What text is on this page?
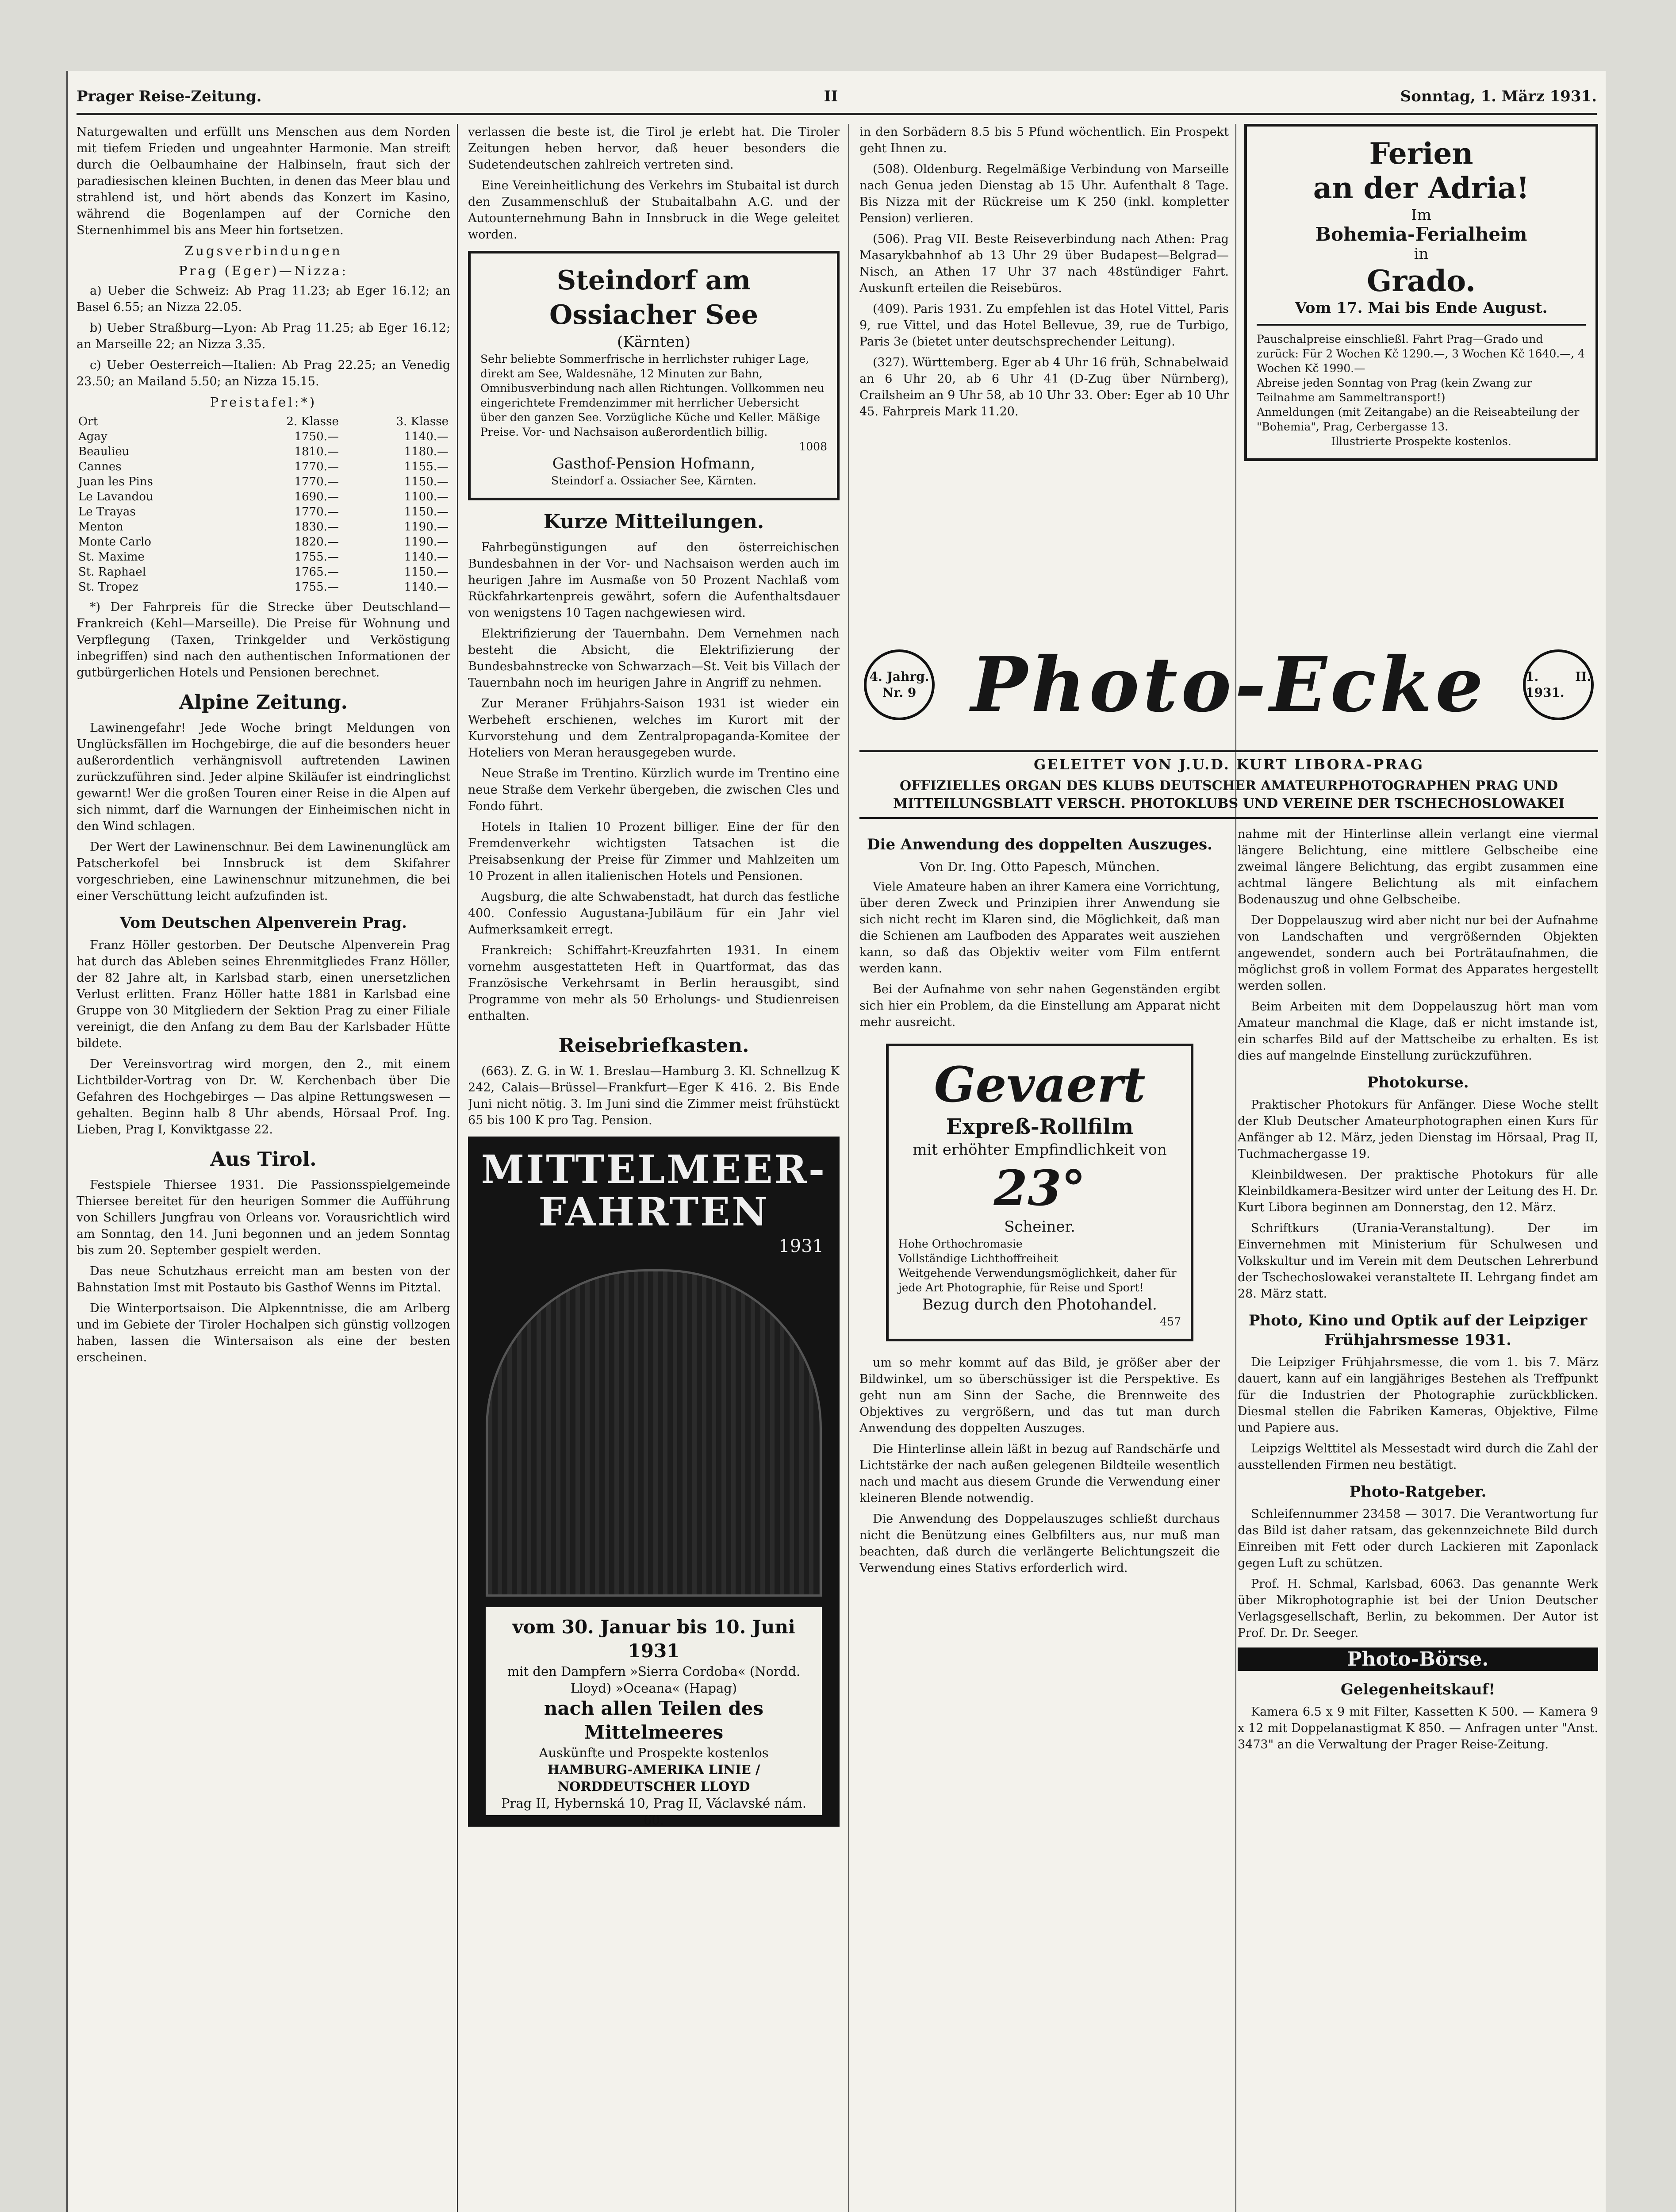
Prager Reise-Zeitung.	II	Sonntag, 1. März 1931.

Naturgewalten und erfüllt uns Menschen aus dem Norden mit tiefem Frieden und ungeahnter Harmonie. Man streift durch die Oelbaumhaine der Halbinseln, fraut sich der paradiesischen kleinen Buchten, in denen das Meer blau und strahlend ist, und hört abends das Konzert im Kasino, während die Bogenlampen auf der Corniche den Sternenhimmel bis ans Meer hin fortsetzen.

Zugsverbindungen
Prag (Eger)—Nizza:

a) Ueber die Schweiz: Ab Prag 11.23; ab Eger 16.12; an Basel 6.55; an Nizza 22.05.

b) Ueber Straßburg—Lyon: Ab Prag 11.25; ab Eger 16.12; an Marseille 22; an Nizza 3.35.

c) Ueber Oesterreich—Italien: Ab Prag 22.25; an Venedig 23.50; an Mailand 5.50; an Nizza 15.15.

Preistafel:*)
Ort	2. Klasse	3. Klasse
Agay	1750.—	1140.—
Beaulieu	1810.—	1180.—
Cannes	1770.—	1155.—
Juan les Pins	1770.—	1150.—
Le Lavandou	1690.—	1100.—
Le Trayas	1770.—	1150.—
Menton	1830.—	1190.—
Monte Carlo	1820.—	1190.—
St. Maxime	1755.—	1140.—
St. Raphael	1765.—	1150.—
St. Tropez	1755.—	1140.—

*) Der Fahrpreis für die Strecke über Deutschland—Frankreich (Kehl—Marseille). Die Preise für Wohnung und Verpflegung (Taxen, Trinkgelder und Verköstigung inbegriffen) sind nach den authentischen Informationen der gutbürgerlichen Hotels und Pensionen berechnet.

Alpine Zeitung.

Lawinengefahr! Jede Woche bringt Meldungen von Unglücksfällen im Hochgebirge, die auf die besonders heuer außerordentlich verhängnisvoll auftretenden Lawinen zurückzuführen sind. Jeder alpine Skiläufer ist eindringlichst gewarnt! Wer die großen Touren einer Reise in die Alpen auf sich nimmt, darf die Warnungen der Einheimischen nicht in den Wind schlagen.

Der Wert der Lawinenschnur. Bei dem Lawinenunglück am Patscherkofel bei Innsbruck ist dem Skifahrer vorgeschrieben, eine Lawinenschnur mitzunehmen, die bei einer Verschüttung leicht aufzufinden ist.

Vom Deutschen Alpenverein Prag.

Franz Höller gestorben. Der Deutsche Alpenverein Prag hat durch das Ableben seines Ehrenmitgliedes Franz Höller, der 82 Jahre alt, in Karlsbad starb, einen unersetzlichen Verlust erlitten. Franz Höller hatte 1881 in Karlsbad eine Gruppe von 30 Mitgliedern der Sektion Prag zu einer Filiale vereinigt, die den Anfang zu dem Bau der Karlsbader Hütte bildete.

Der Vereinsvortrag wird morgen, den 2., mit einem Lichtbilder-Vortrag von Dr. W. Kerchenbach über Die Gefahren des Hochgebirges — Das alpine Rettungswesen — gehalten. Beginn halb 8 Uhr abends, Hörsaal Prof. Ing. Lieben, Prag I, Konviktgasse 22.

Aus Tirol.

Festspiele Thiersee 1931. Die Passionsspielgemeinde Thiersee bereitet für den heurigen Sommer die Aufführung von Schillers Jungfrau von Orleans vor. Vorausrichtlich wird am Sonntag, den 14. Juni begonnen und an jedem Sonntag bis zum 20. September gespielt werden.

Das neue Schutzhaus erreicht man am besten von der Bahnstation Imst mit Postauto bis Gasthof Wenns im Pitztal.

Die Winterportsaison. Die Alpkenntnisse, die am Arlberg und im Gebiete der Tiroler Hochalpen sich günstig vollzogen haben, lassen die Wintersaison als eine der besten erscheinen.

verlassen die beste ist, die Tirol je erlebt hat. Die Tiroler Zeitungen heben hervor, daß heuer besonders die Sudetendeutschen zahlreich vertreten sind.

Eine Vereinheitlichung des Verkehrs im Stubaital ist durch den Zusammenschluß der Stubaitalbahn A.G. und der Autounternehmung Bahn in Innsbruck in die Wege geleitet worden.

Steindorf am Ossiacher See
(Kärnten)
Sehr beliebte Sommerfrische in herrlichster ruhiger Lage, direkt am See, Waldesnähe, 12 Minuten zur Bahn, Omnibusverbindung nach allen Richtungen. Vollkommen neu eingerichtete Fremdenzimmer mit herrlicher Uebersicht über den ganzen See. Vorzügliche Küche und Keller. Mäßige Preise. Vor- und Nachsaison außerordentlich billig.
1008
Gasthof-Pension Hofmann,
Steindorf a. Ossiacher See, Kärnten.
Kurze Mitteilungen.

Fahrbegünstigungen auf den österreichischen Bundesbahnen in der Vor- und Nachsaison werden auch im heurigen Jahre im Ausmaße von 50 Prozent Nachlaß vom Rückfahrkartenpreis gewährt, sofern die Aufenthaltsdauer von wenigstens 10 Tagen nachgewiesen wird.

Elektrifizierung der Tauernbahn. Dem Vernehmen nach besteht die Absicht, die Elektrifizierung der Bundesbahnstrecke von Schwarzach—St. Veit bis Villach der Tauernbahn noch im heurigen Jahre in Angriff zu nehmen.

Zur Meraner Frühjahrs-Saison 1931 ist wieder ein Werbeheft erschienen, welches im Kurort mit der Kurvorstehung und dem Zentralpropaganda-Komitee der Hoteliers von Meran herausgegeben wurde.

Neue Straße im Trentino. Kürzlich wurde im Trentino eine neue Straße dem Verkehr übergeben, die zwischen Cles und Fondo führt.

Hotels in Italien 10 Prozent billiger. Eine der für den Fremdenverkehr wichtigsten Tatsachen ist die Preisabsenkung der Preise für Zimmer und Mahlzeiten um 10 Prozent in allen italienischen Hotels und Pensionen.

Augsburg, die alte Schwabenstadt, hat durch das festliche 400. Confessio Augustana-Jubiläum für ein Jahr viel Aufmerksamkeit erregt.

Frankreich: Schiffahrt-Kreuzfahrten 1931. In einem vornehm ausgestatteten Heft in Quartformat, das das Französische Verkehrsamt in Berlin herausgibt, sind Programme von mehr als 50 Erholungs- und Studienreisen enthalten.

Reisebriefkasten.

(663). Z. G. in W. 1. Breslau—Hamburg 3. Kl. Schnellzug K 242, Calais—Brüssel—Frankfurt—Eger K 416. 2. Bis Ende Juni nicht nötig. 3. Im Juni sind die Zimmer meist frühstückt 65 bis 100 K pro Tag. Pension.

MITTELMEER-FAHRTEN
1931
vom 30. Januar bis 10. Juni 1931
mit den Dampfern »Sierra Cordoba« (Nordd. Lloyd) »Oceana« (Hapag)
nach allen Teilen des Mittelmeeres
Auskünfte und Prospekte kostenlos
HAMBURG-AMERIKA LINIE / NORDDEUTSCHER LLOYD
Prag II, Hybernská 10, Prag II, Václavské nám. 60.

in den Sorbädern 8.5 bis 5 Pfund wöchentlich. Ein Prospekt geht Ihnen zu.

(508). Oldenburg. Regelmäßige Verbindung von Marseille nach Genua jeden Dienstag ab 15 Uhr. Aufenthalt 8 Tage. Bis Nizza mit der Rückreise um K 250 (inkl. kompletter Pension) verlieren.

(506). Prag VII. Beste Reiseverbindung nach Athen: Prag Masarykbahnhof ab 13 Uhr 29 über Budapest—Belgrad—Nisch, an Athen 17 Uhr 37 nach 48stündiger Fahrt. Auskunft erteilen die Reisebüros.

(409). Paris 1931. Zu empfehlen ist das Hotel Vittel, Paris 9, rue Vittel, und das Hotel Bellevue, 39, rue de Turbigo, Paris 3e (bietet unter deutschsprechender Leitung).

(327). Württemberg. Eger ab 4 Uhr 16 früh, Schnabelwaid an 6 Uhr 20, ab 6 Uhr 41 (D-Zug über Nürnberg), Crailsheim an 9 Uhr 58, ab 10 Uhr 33. Ober: Eger ab 10 Uhr 45. Fahrpreis Mark 11.20.

Ferien
an der Adria!
Im
Bohemia-Ferialheim
in
Grado.
Vom 17. Mai bis Ende August.
Pauschalpreise einschließl. Fahrt Prag—Grado und zurück: Für 2 Wochen Kč 1290.—, 3 Wochen Kč 1640.—, 4 Wochen Kč 1990.—
Abreise jeden Sonntag von Prag (kein Zwang zur Teilnahme am Sammeltransport!)
Anmeldungen (mit Zeitangabe) an die Reiseabteilung der "Bohemia", Prag, Cerbergasse 13.
Illustrierte Prospekte kostenlos.
4. Jahrg.
Nr. 9 Photo-Ecke	1. II. 1931.
GELEITET VON J.U.D. KURT LIBORA-PRAG
OFFIZIELLES ORGAN DES KLUBS DEUTSCHER AMATEURPHOTOGRAPHEN PRAG UND MITTEILUNGSBLATT VERSCH. PHOTOKLUBS UND VEREINE DER TSCHECHOSLOWAKEI
Die Anwendung des doppelten Auszuges.
Von Dr. Ing. Otto Papesch, München.

Viele Amateure haben an ihrer Kamera eine Vorrichtung, über deren Zweck und Prinzipien ihrer Anwendung sie sich nicht recht im Klaren sind, die Möglichkeit, daß man die Schienen am Laufboden des Apparates weit ausziehen kann, so daß das Objektiv weiter vom Film entfernt werden kann.

Bei der Aufnahme von sehr nahen Gegenständen ergibt sich hier ein Problem, da die Einstellung am Apparat nicht mehr ausreicht.

Gevaert
Expreß-Rollfilm
mit erhöhter Empfindlichkeit von
23°
Scheiner.
Hohe Orthochromasie
Vollständige Lichthoffreiheit
Weitgehende Verwendungsmöglichkeit, daher für jede Art Photographie, für Reise und Sport!
Bezug durch den Photohandel.
457

um so mehr kommt auf das Bild, je größer aber der Bildwinkel, um so überschüssiger ist die Perspektive. Es geht nun am Sinn der Sache, die Brennweite des Objektives zu vergrößern, und das tut man durch Anwendung des doppelten Auszuges.

Die Hinterlinse allein läßt in bezug auf Randschärfe und Lichtstärke der nach außen gelegenen Bildteile wesentlich nach und macht aus diesem Grunde die Verwendung einer kleineren Blende notwendig.

Die Anwendung des Doppelauszuges schließt durchaus nicht die Benützung eines Gelbfilters aus, nur muß man beachten, daß durch die verlängerte Belichtungszeit die Verwendung eines Stativs erforderlich wird.

nahme mit der Hinterlinse allein verlangt eine viermal längere Belichtung, eine mittlere Gelbscheibe eine zweimal längere Belichtung, das ergibt zusammen eine achtmal längere Belichtung als mit einfachem Bodenauszug und ohne Gelbscheibe.

Der Doppelauszug wird aber nicht nur bei der Aufnahme von Landschaften und vergrößernden Objekten angewendet, sondern auch bei Porträtaufnahmen, die möglichst groß in vollem Format des Apparates hergestellt werden sollen.

Beim Arbeiten mit dem Doppelauszug hört man vom Amateur manchmal die Klage, daß er nicht imstande ist, ein scharfes Bild auf der Mattscheibe zu erhalten. Es ist dies auf mangelnde Einstellung zurückzuführen.

Photokurse.

Praktischer Photokurs für Anfänger. Diese Woche stellt der Klub Deutscher Amateurphotographen einen Kurs für Anfänger ab 12. März, jeden Dienstag im Hörsaal, Prag II, Tuchmachergasse 19.

Kleinbildwesen. Der praktische Photokurs für alle Kleinbildkamera-Besitzer wird unter der Leitung des H. Dr. Kurt Libora beginnen am Donnerstag, den 12. März.

Schriftkurs (Urania-Veranstaltung). Der im Einvernehmen mit Ministerium für Schulwesen und Volkskultur und im Verein mit dem Deutschen Lehrerbund der Tschechoslowakei veranstaltete II. Lehrgang findet am 28. März statt.

Photo, Kino und Optik auf der Leipziger Frühjahrsmesse 1931.

Die Leipziger Frühjahrsmesse, die vom 1. bis 7. März dauert, kann auf ein langjähriges Bestehen als Treffpunkt für die Industrien der Photographie zurückblicken. Diesmal stellen die Fabriken Kameras, Objektive, Filme und Papiere aus.

Leipzigs Welttitel als Messestadt wird durch die Zahl der ausstellenden Firmen neu bestätigt.

Photo-Ratgeber.

Schleifennummer 23458 — 3017. Die Verantwortung fur das Bild ist daher ratsam, das gekennzeichnete Bild durch Einreiben mit Fett oder durch Lackieren mit Zaponlack gegen Luft zu schützen.

Prof. H. Schmal, Karlsbad, 6063. Das genannte Werk über Mikrophotographie ist bei der Union Deutscher Verlagsgesellschaft, Berlin, zu bekommen. Der Autor ist Prof. Dr. Dr. Seeger.

Photo-Börse.
Gelegenheitskauf!

Kamera 6.5 x 9 mit Filter, Kassetten K 500. — Kamera 9 x 12 mit Doppelanastigmat K 850. — Anfragen unter "Anst. 3473" an die Verwaltung der Prager Reise-Zeitung.
